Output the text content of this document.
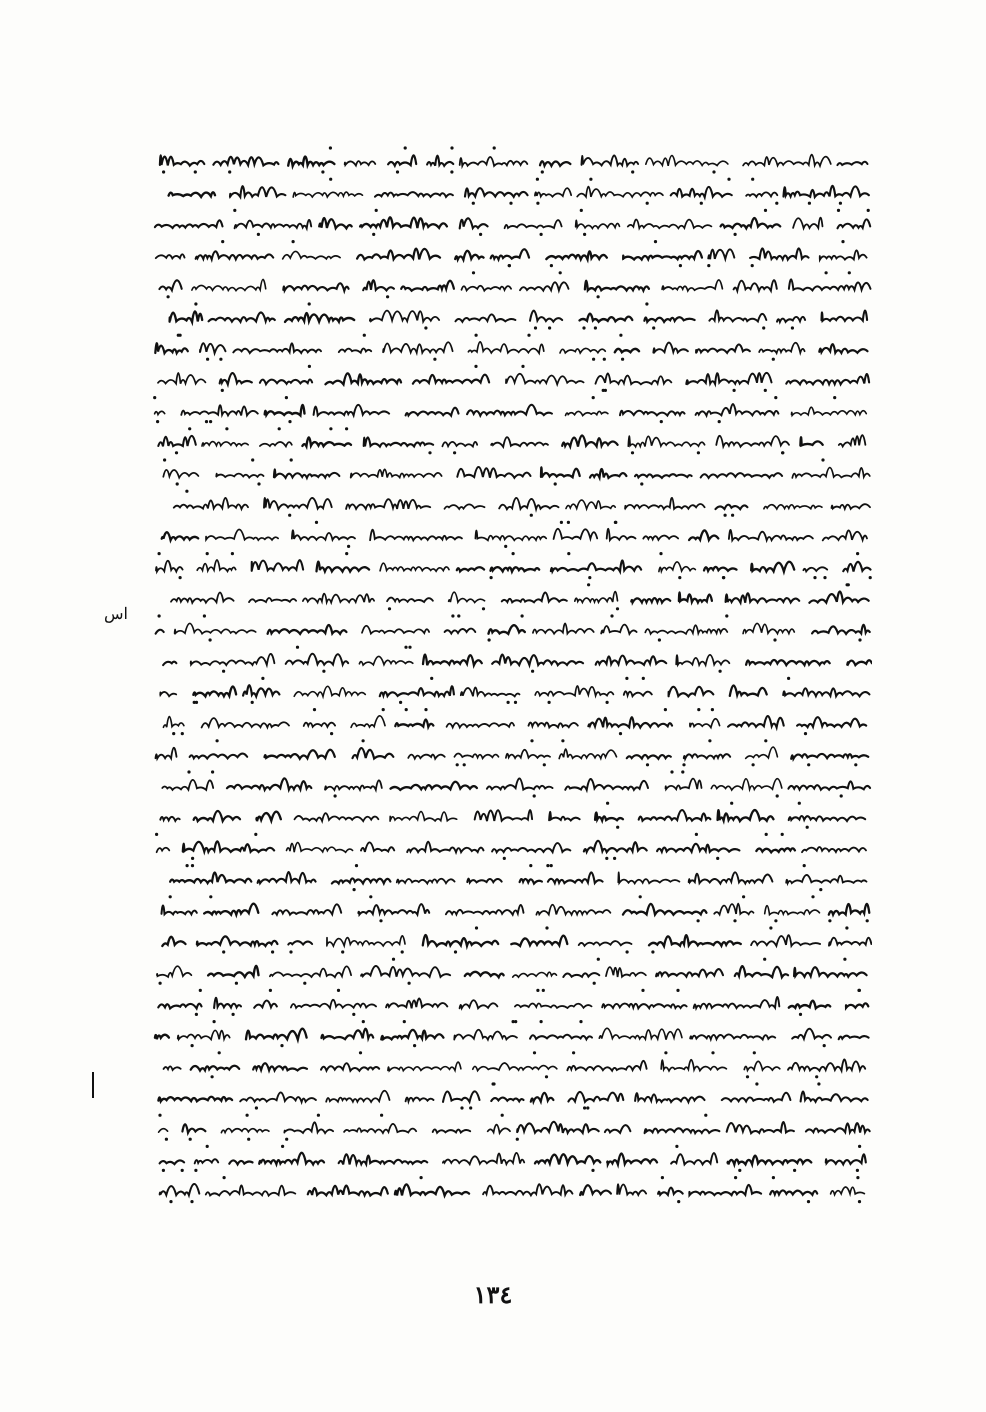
اس
١٣٤
